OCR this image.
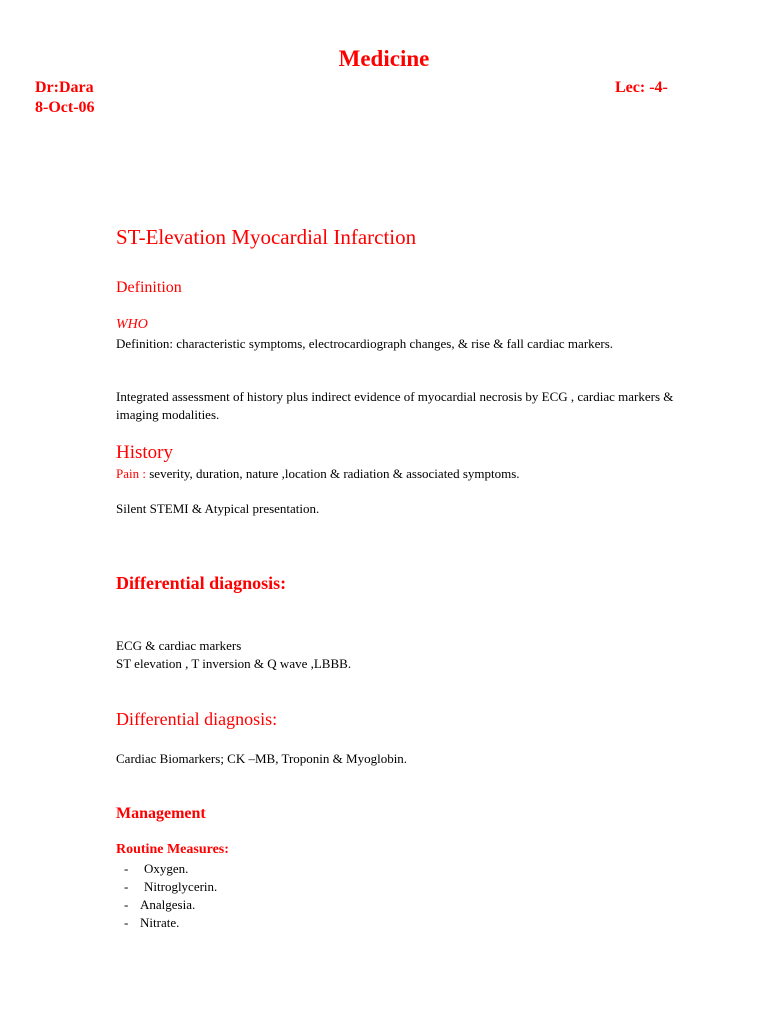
Medicine
Dr:Dara
8-Oct-06
Lec: -4-
ST-Elevation Myocardial Infarction
Definition
WHO
Definition: characteristic symptoms, electrocardiograph changes, & rise & fall cardiac markers.
Integrated assessment of history plus indirect evidence of myocardial necrosis by ECG , cardiac markers & imaging modalities.
History
Pain : severity, duration, nature ,location & radiation & associated symptoms.
Silent STEMI & Atypical presentation.
Differential diagnosis:
ECG & cardiac markers
ST elevation , T inversion & Q wave ,LBBB.
Differential diagnosis:
Cardiac Biomarkers; CK –MB, Troponin & Myoglobin.
Management
Routine Measures:
-	Oxygen.
-	Nitroglycerin.
- Analgesia.
- Nitrate.
